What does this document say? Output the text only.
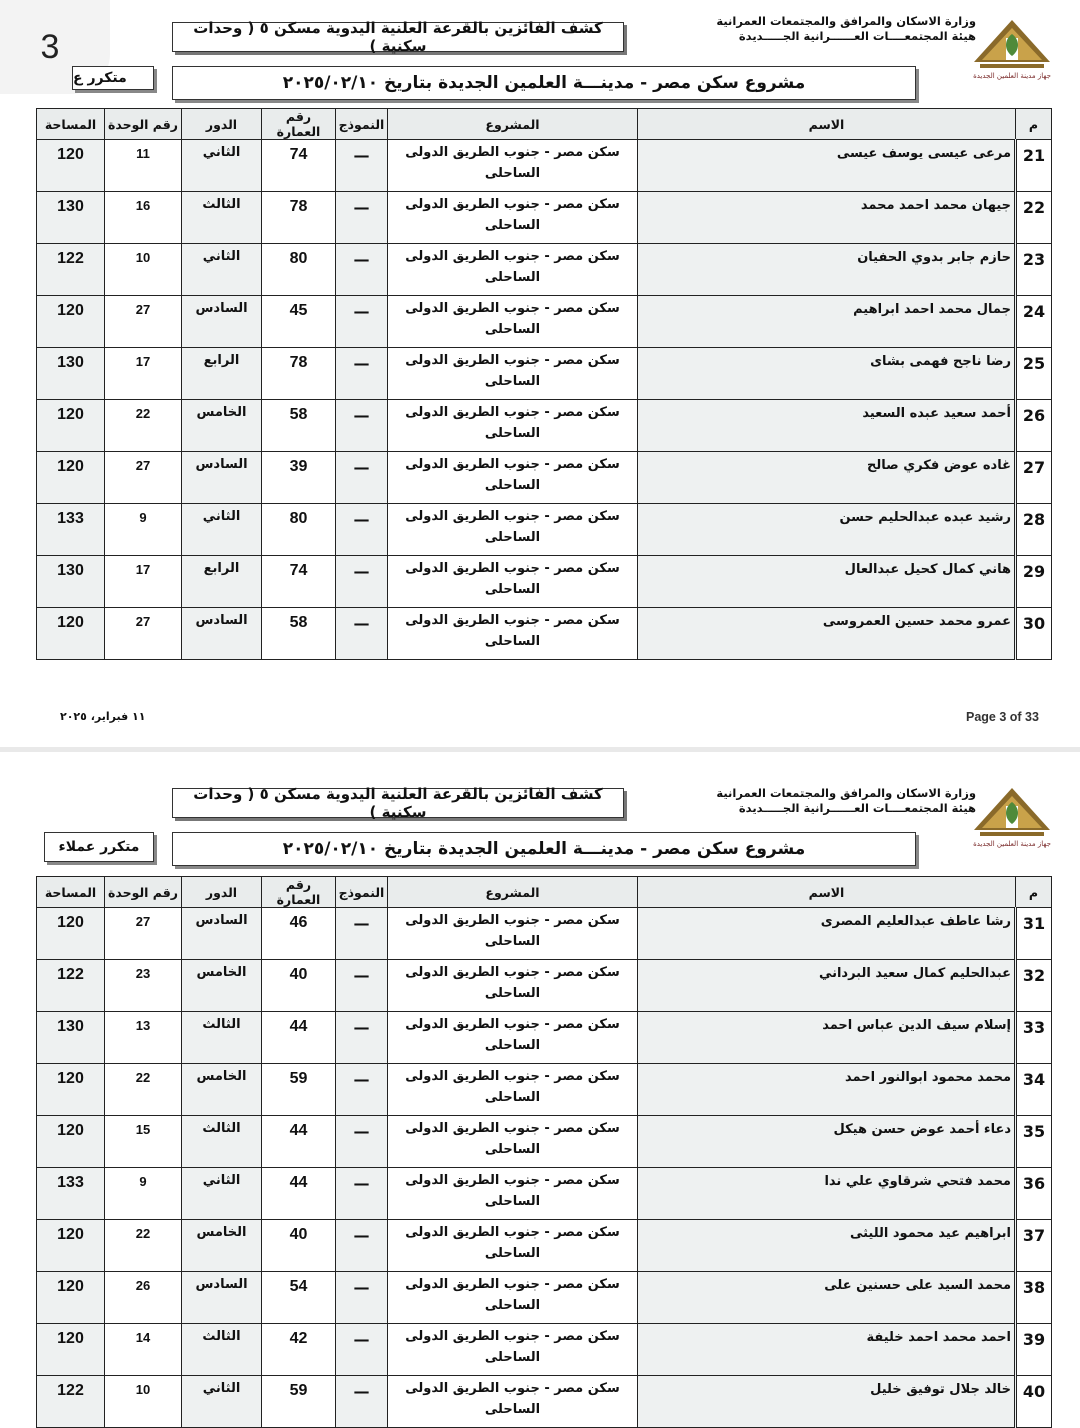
3
وزارة الاسكان والمرافق والمجتمعات العمرانية
هيئة المجتمعــــات العــــــرانية الجـــــديدة
جهاز مدينة العلمين الجديدة
كشف الفائزين بالقرعة العلنية اليدوية مسكن ٥ ( وحدات سكنية )
مشروع سكن مصر - مدينـــة العلمين الجديدة بتاريخ ٢٠٢٥/٠٢/١٠
متكرر ع
م	الاسم	المشروع	النموذج	رقم العمارة	الدور	رقم الوحدة	المساحة
21	مرعى عيسى يوسف عيسى	سكن مصر - جنوب الطريق الدولى
الساحلى	—	74	الثاني	11	120
22	جيهان محمد احمد محمد	سكن مصر - جنوب الطريق الدولى
الساحلى	—	78	الثالث	16	130
23	حازم جابر بدوي الحفيان	سكن مصر - جنوب الطريق الدولى
الساحلى	—	80	الثاني	10	122
24	جمال محمد احمد ابراهيم	سكن مصر - جنوب الطريق الدولى
الساحلى	—	45	السادس	27	120
25	رضا ناجح فهمى بشاى	سكن مصر - جنوب الطريق الدولى
الساحلى	—	78	الرابع	17	130
26	أحمد سعيد عبده السعيد	سكن مصر - جنوب الطريق الدولى
الساحلى	—	58	الخامس	22	120
27	غاده عوض فكري صالح	سكن مصر - جنوب الطريق الدولى
الساحلى	—	39	السادس	27	120
28	رشيد عبده عبدالحليم حسن	سكن مصر - جنوب الطريق الدولى
الساحلى	—	80	الثاني	9	133
29	هاني كمال كحيل عبدالعال	سكن مصر - جنوب الطريق الدولى
الساحلى	—	74	الرابع	17	130
30	عمرو محمد حسين العمروسى	سكن مصر - جنوب الطريق الدولى
الساحلى	—	58	السادس	27	120
١١ فبراير، ٢٠٢٥	Page 3 of 33
وزارة الاسكان والمرافق والمجتمعات العمرانية
هيئة المجتمعــــات العــــــرانية الجـــــديدة
جهاز مدينة العلمين الجديدة
كشف الفائزين بالقرعة العلنية اليدوية مسكن ٥ ( وحدات سكنية )
مشروع سكن مصر - مدينـــة العلمين الجديدة بتاريخ ٢٠٢٥/٠٢/١٠
متكرر عملاء
م	الاسم	المشروع	النموذج	رقم العمارة	الدور	رقم الوحدة	المساحة
31	رشا عاطف عبدالعليم المصرى	سكن مصر - جنوب الطريق الدولى
الساحلى	—	46	السادس	27	120
32	عبدالحليم كمال سعيد البرداني	سكن مصر - جنوب الطريق الدولى
الساحلى	—	40	الخامس	23	122
33	إسلام سيف الدين عباس احمد	سكن مصر - جنوب الطريق الدولى
الساحلى	—	44	الثالث	13	130
34	محمد محمود ابوالنور احمد	سكن مصر - جنوب الطريق الدولى
الساحلى	—	59	الخامس	22	120
35	دعاء أحمد عوض حسن هيكل	سكن مصر - جنوب الطريق الدولى
الساحلى	—	44	الثالث	15	120
36	محمد فتحي شرقاوي علي ندا	سكن مصر - جنوب الطريق الدولى
الساحلى	—	44	الثاني	9	133
37	ابراهيم عيد محمود الليثى	سكن مصر - جنوب الطريق الدولى
الساحلى	—	40	الخامس	22	120
38	محمد السيد على حسنين على	سكن مصر - جنوب الطريق الدولى
الساحلى	—	54	السادس	26	120
39	احمد محمد احمد خليفة	سكن مصر - جنوب الطريق الدولى
الساحلى	—	42	الثالث	14	120
40	خالد جلال توفيق خليل	سكن مصر - جنوب الطريق الدولى
الساحلى	—	59	الثاني	10	122
